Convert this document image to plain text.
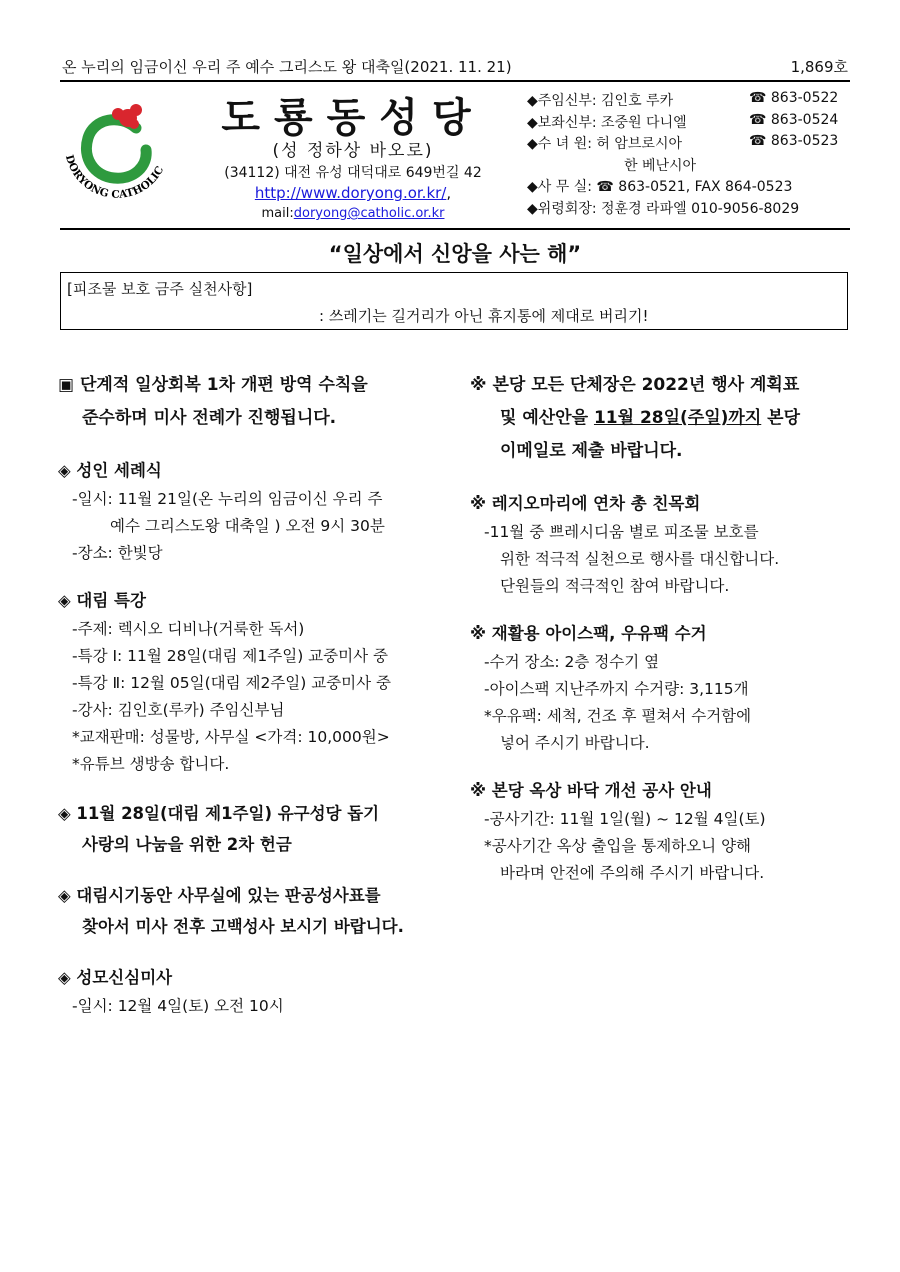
온 누리의 임금이신 우리 주 예수 그리스도 왕 대축일(2021. 11. 21)	1,869호
DORYONG CATHOLIC
도룡동성당
(성 정하상 바오로)
(34112) 대전 유성 대덕대로 649번길 42
http://www.doryong.or.kr/,
mail:doryong@catholic.or.kr
◆주임신부: 김인호 루카	☎ 863-0522
◆보좌신부: 조중원 다니엘	☎ 863-0524
◆수 녀 원: 허 암브로시아	☎ 863-0523
한 베난시아
◆사 무 실: ☎ 863-0521, FAX 864-0523
◆위령회장: 정훈경 라파엘 010-9056-8029
“일상에서 신앙을 사는 해”
[피조물 보호 금주 실천사항]
: 쓰레기는 길거리가 아닌 휴지통에 제대로 버리기!
▣ 단계적 일상회복 1차 개편 방역 수칙을
준수하며 미사 전례가 진행됩니다.
◈ 성인 세례식
-일시: 11월 21일(온 누리의 임금이신 우리 주
예수 그리스도왕 대축일 ) 오전 9시 30분
-장소: 한빛당
◈ 대림 특강
-주제: 렉시오 디비나(거룩한 독서)
-특강 Ⅰ: 11월 28일(대림 제1주일) 교중미사 중
-특강 Ⅱ: 12월 05일(대림 제2주일) 교중미사 중
-강사: 김인호(루카) 주임신부님
*교재판매: 성물방, 사무실 <가격: 10,000원>
*유튜브 생방송 합니다.
◈ 11월 28일(대림 제1주일) 유구성당 돕기
사랑의 나눔을 위한 2차 헌금
◈ 대림시기동안 사무실에 있는 판공성사표를
찾아서 미사 전후 고백성사 보시기 바랍니다.
◈ 성모신심미사
-일시: 12월 4일(토) 오전 10시
※ 본당 모든 단체장은 2022년 행사 계획표
및 예산안을 11월 28일(주일)까지 본당
이메일로 제출 바랍니다.
※ 레지오마리에 연차 총 친목회
-11월 중 쁘레시디움 별로 피조물 보호를
위한 적극적 실천으로 행사를 대신합니다.
단원들의 적극적인 참여 바랍니다.
※ 재활용 아이스팩, 우유팩 수거
-수거 장소: 2층 정수기 옆
-아이스팩 지난주까지 수거량: 3,115개
*우유팩: 세척, 건조 후 펼쳐서 수거함에
넣어 주시기 바랍니다.
※ 본당 옥상 바닥 개선 공사 안내
-공사기간: 11월 1일(월) ~ 12월 4일(토)
*공사기간 옥상 출입을 통제하오니 양해
바라며 안전에 주의해 주시기 바랍니다.
